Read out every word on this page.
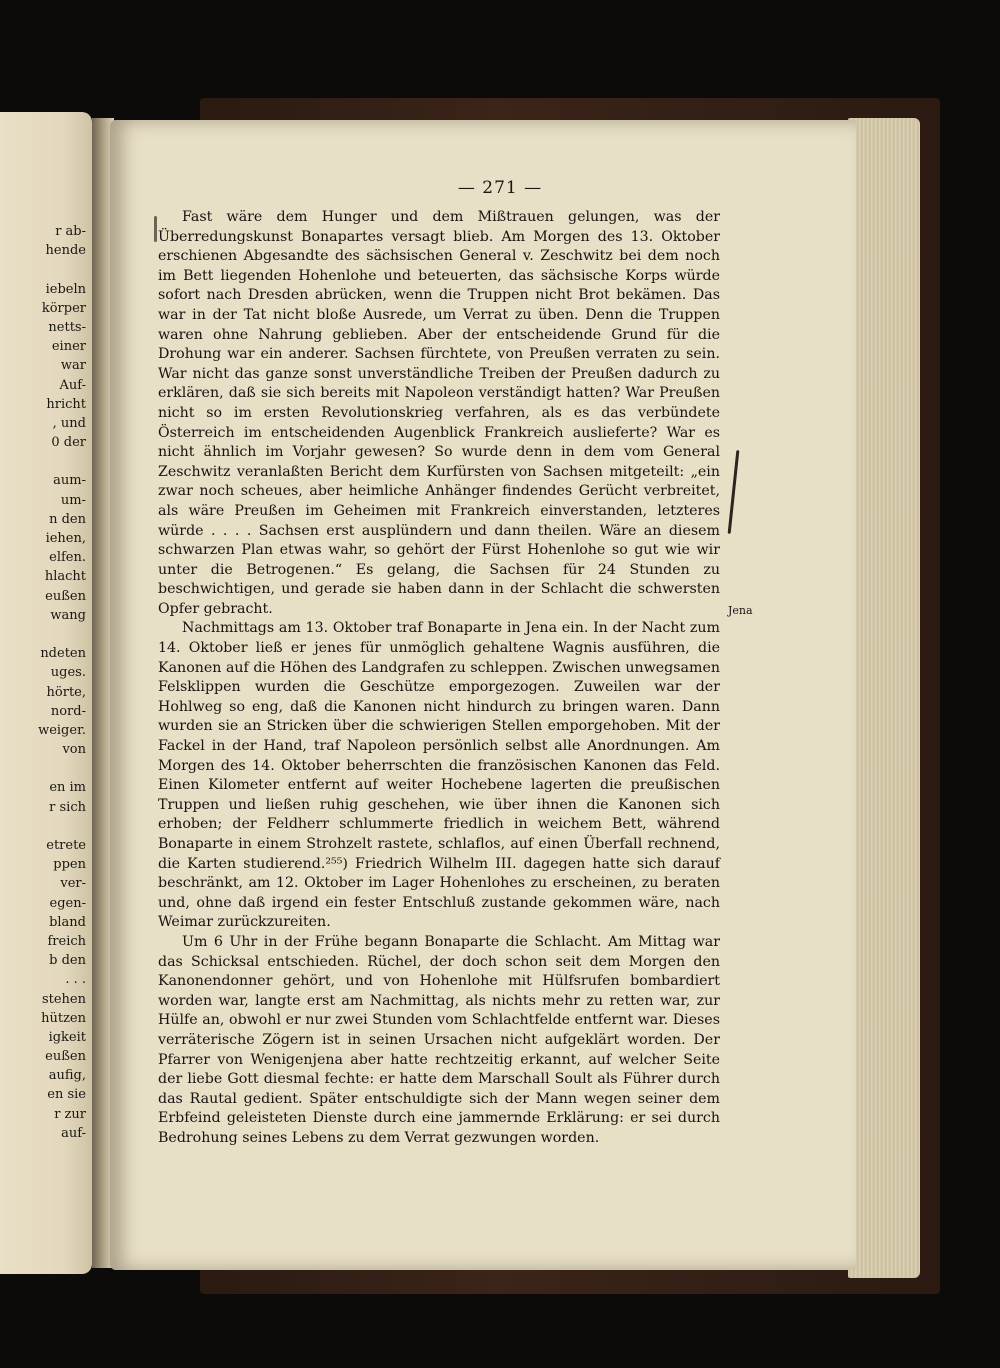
r ab-
hende
iebeln
körper
netts-
einer
war
Auf-
hricht
, und
0 der
aum-
um-
n den
iehen,
elfen.
hlacht
eußen
wang
ndeten
uges.
hörte,
nord-
weiger.
von
en im
r sich
etrete
ppen
ver-
egen-
bland
freich
b den
. . .
stehen
hützen
igkeit
eußen
aufig,
en sie
r zur
auf-
— 271 —

Fast wäre dem Hunger und dem Mißtrauen gelungen, was der Überredungskunst Bonapartes versagt blieb. Am Morgen des 13. Oktober erschienen Abgesandte des sächsischen General v. Zeschwitz bei dem noch im Bett liegenden Hohenlohe und beteuerten, das sächsische Korps würde sofort nach Dresden abrücken, wenn die Truppen nicht Brot bekämen. Das war in der Tat nicht bloße Ausrede, um Verrat zu üben. Denn die Truppen waren ohne Nahrung geblieben. Aber der entscheidende Grund für die Drohung war ein anderer. Sachsen fürchtete, von Preußen verraten zu sein. War nicht das ganze sonst unverständliche Treiben der Preußen dadurch zu erklären, daß sie sich bereits mit Napoleon verständigt hatten? War Preußen nicht so im ersten Revolutionskrieg verfahren, als es das verbündete Österreich im entscheidenden Augenblick Frankreich auslieferte? War es nicht ähnlich im Vorjahr gewesen? So wurde denn in dem vom General Zeschwitz veranlaßten Bericht dem Kurfürsten von Sachsen mitgeteilt: „ein zwar noch scheues, aber heimliche Anhänger findendes Gerücht verbreitet, als wäre Preußen im Geheimen mit Frankreich einverstanden, letzteres würde . . . . Sachsen erst ausplündern und dann theilen. Wäre an diesem schwarzen Plan etwas wahr, so gehört der Fürst Hohenlohe so gut wie wir unter die Betrogenen.“ Es gelang, die Sachsen für 24 Stunden zu beschwichtigen, und gerade sie haben dann in der Schlacht die schwersten Opfer gebracht.

Nachmittags am 13. Oktober traf Bonaparte in Jena ein. In der Nacht zum 14. Oktober ließ er jenes für unmöglich gehaltene Wagnis ausführen, die Kanonen auf die Höhen des Landgrafen zu schleppen. Zwischen unwegsamen Felsklippen wurden die Geschütze emporgezogen. Zuweilen war der Hohlweg so eng, daß die Kanonen nicht hindurch zu bringen waren. Dann wurden sie an Stricken über die schwierigen Stellen emporgehoben. Mit der Fackel in der Hand, traf Napoleon persönlich selbst alle Anordnungen. Am Morgen des 14. Oktober beherrschten die französischen Kanonen das Feld. Einen Kilometer entfernt auf weiter Hochebene lagerten die preußischen Truppen und ließen ruhig geschehen, wie über ihnen die Kanonen sich erhoben; der Feldherr schlummerte friedlich in weichem Bett, während Bonaparte in einem Strohzelt rastete, schlaflos, auf einen Überfall rechnend, die Karten studierend.²⁵⁵) Friedrich Wilhelm III. dagegen hatte sich darauf beschränkt, am 12. Oktober im Lager Hohenlohes zu erscheinen, zu beraten und, ohne daß irgend ein fester Entschluß zustande gekommen wäre, nach Weimar zurückzureiten.

Um 6 Uhr in der Frühe begann Bonaparte die Schlacht. Am Mittag war das Schicksal entschieden. Rüchel, der doch schon seit dem Morgen den Kanonendonner gehört, und von Hohenlohe mit Hülfsrufen bombardiert worden war, langte erst am Nachmittag, als nichts mehr zu retten war, zur Hülfe an, obwohl er nur zwei Stunden vom Schlachtfelde entfernt war. Dieses verräterische Zögern ist in seinen Ursachen nicht aufgeklärt worden. Der Pfarrer von Wenigenjena aber hatte rechtzeitig erkannt, auf welcher Seite der liebe Gott diesmal fechte: er hatte dem Marschall Soult als Führer durch das Rautal gedient. Später entschuldigte sich der Mann wegen seiner dem Erbfeind geleisteten Dienste durch eine jammernde Erklärung: er sei durch Bedrohung seines Lebens zu dem Verrat gezwungen worden.

Jena
